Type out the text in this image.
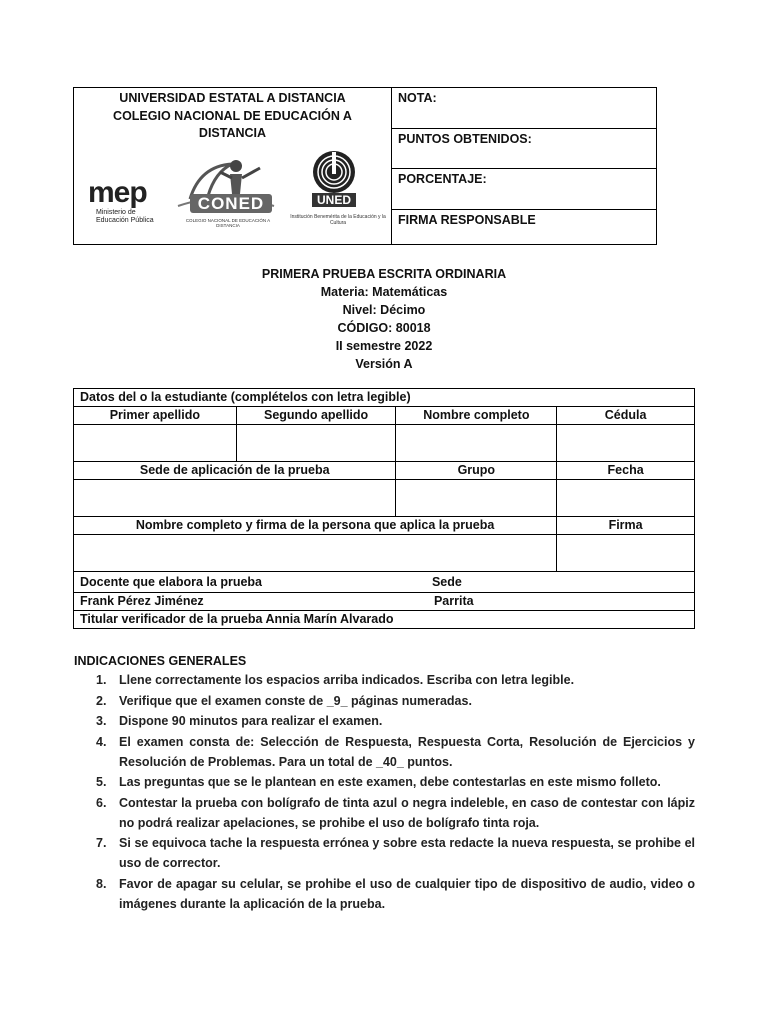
UNIVERSIDAD ESTATAL A DISTANCIA
COLEGIO NACIONAL DE EDUCACIÓN A
DISTANCIA
mep
Ministerio de Educación Pública
CONED
COLEGIO NACIONAL DE EDUCACIÓN A DISTANCIA
UNED
Institución Benemérita de la Educación y la Cultura
NOTA:
PUNTOS OBTENIDOS:
PORCENTAJE:
FIRMA RESPONSABLE
PRIMERA PRUEBA ESCRITA ORDINARIA
Materia: Matemáticas
Nivel: Décimo
CÓDIGO: 80018
II semestre 2022
Versión A
Datos del o la estudiante (complételos con letra legible)			
Primer apellido	Segundo apellido	Nombre completo	Cédula

Sede de aplicación de la prueba		Grupo	Fecha

Nombre completo y firma de la persona que aplica la prueba			Firma

Docente que elabora la prueba		Sede	
Frank Pérez Jiménez		Parrita	
Titular verificador de la prueba Annia Marín Alvarado			
INDICACIONES GENERALES
1. Llene correctamente los espacios arriba indicados. Escriba con letra legible.
2. Verifique que el examen conste de _9_ páginas numeradas.
3. Dispone 90 minutos para realizar el examen.
4. El examen consta de: Selección de Respuesta, Respuesta Corta, Resolución de Ejercicios y Resolución de Problemas. Para un total de _40_ puntos.
5. Las preguntas que se le plantean en este examen, debe contestarlas en este mismo folleto.
6. Contestar la prueba con bolígrafo de tinta azul o negra indeleble, en caso de contestar con lápiz no podrá realizar apelaciones, se prohibe el uso de bolígrafo tinta roja.
7. Si se equivoca tache la respuesta errónea y sobre esta redacte la nueva respuesta, se prohibe el uso de corrector.
8. Favor de apagar su celular, se prohibe el uso de cualquier tipo de dispositivo de audio, video o imágenes durante la aplicación de la prueba.
